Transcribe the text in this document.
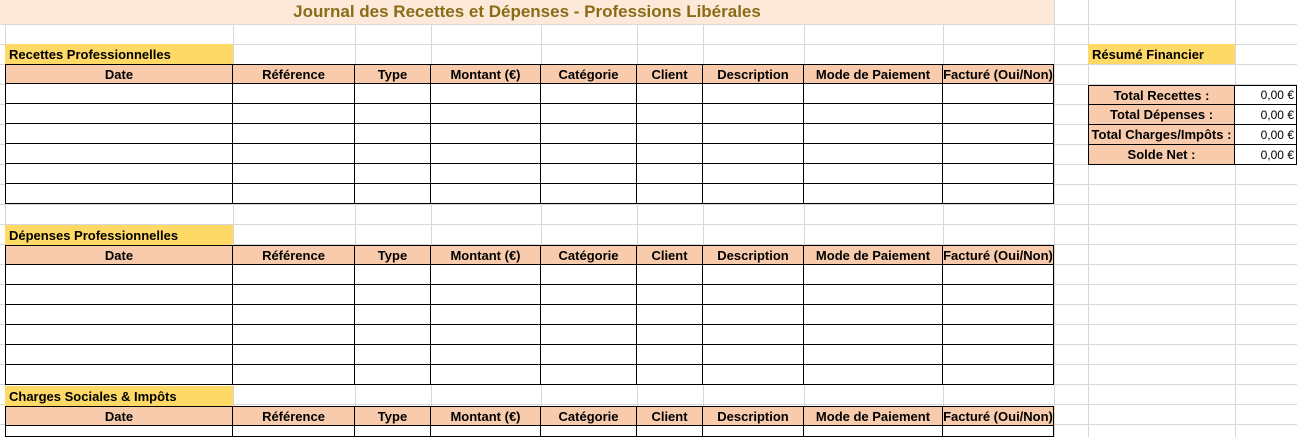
Journal des Recettes et Dépenses - Professions Libérales
Recettes Professionnelles
Date	Référence	Type	Montant (€)	Catégorie	Client	Description	Mode de Paiement	Facturé (Oui/Non)
Dépenses Professionnelles
Date	Référence	Type	Montant (€)	Catégorie	Client	Description	Mode de Paiement	Facturé (Oui/Non)
Charges Sociales & Impôts
Date	Référence	Type	Montant (€)	Catégorie	Client	Description	Mode de Paiement	Facturé (Oui/Non)
Résumé Financier
Total Recettes :	0,00 €
Total Dépenses :	0,00 €
Total Charges/Impôts :	0,00 €
Solde Net :	0,00 €
